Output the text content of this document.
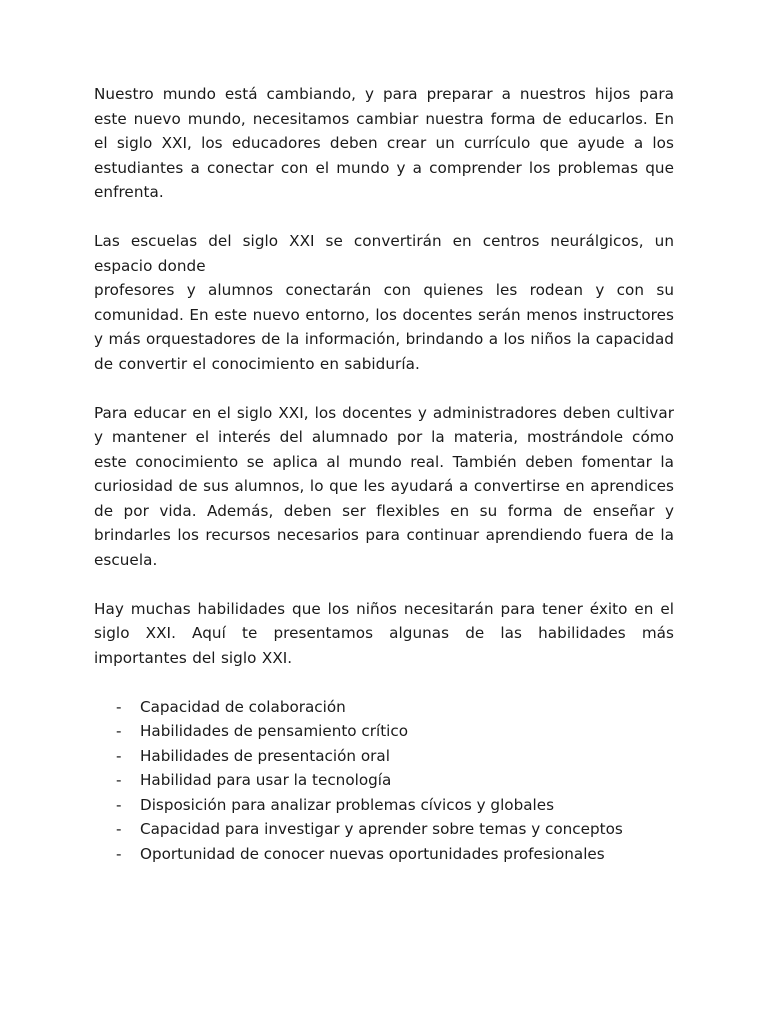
Nuestro mundo está cambiando, y para preparar a nuestros hijos para este nuevo mundo, necesitamos cambiar nuestra forma de educarlos. En el siglo XXI, los educadores deben crear un currículo que ayude a los estudiantes a conectar con el mundo y a comprender los problemas que enfrenta.

Las escuelas del siglo XXI se convertirán en centros neurálgicos, un espacio donde
profesores y alumnos conectarán con quienes les rodean y con su comunidad. En este nuevo entorno, los docentes serán menos instructores y más orquestadores de la información, brindando a los niños la capacidad de convertir el conocimiento en sabiduría.

Para educar en el siglo XXI, los docentes y administradores deben cultivar y mantener el interés del alumnado por la materia, mostrándole cómo este conocimiento se aplica al mundo real. También deben fomentar la curiosidad de sus alumnos, lo que les ayudará a convertirse en aprendices de por vida. Además, deben ser flexibles en su forma de enseñar y brindarles los recursos necesarios para continuar aprendiendo fuera de la escuela.

Hay muchas habilidades que los niños necesitarán para tener éxito en el siglo XXI. Aquí te presentamos algunas de las habilidades más importantes del siglo XXI.

- Capacidad de colaboración
- Habilidades de pensamiento crítico
- Habilidades de presentación oral
- Habilidad para usar la tecnología
- Disposición para analizar problemas cívicos y globales
- Capacidad para investigar y aprender sobre temas y conceptos
- Oportunidad de conocer nuevas oportunidades profesionales
